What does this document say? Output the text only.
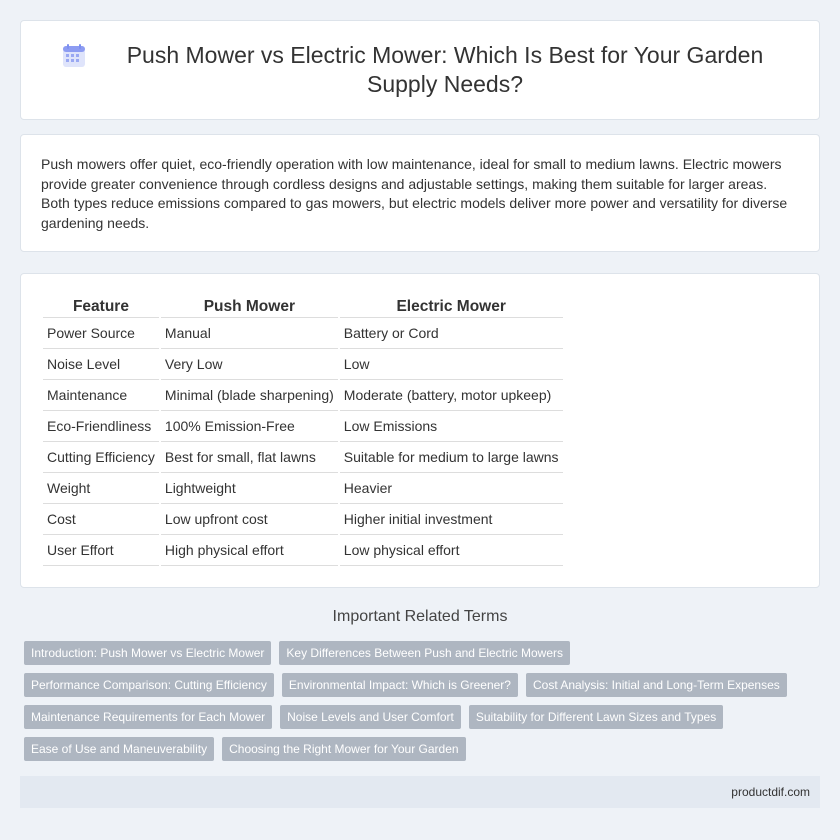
Push Mower vs Electric Mower: Which Is Best for Your Garden Supply Needs?

Push mowers offer quiet, eco-friendly operation with low maintenance, ideal for small to medium lawns. Electric mowers provide greater convenience through cordless designs and adjustable settings, making them suitable for larger areas. Both types reduce emissions compared to gas mowers, but electric models deliver more power and versatility for diverse gardening needs.

Feature	Push Mower	Electric Mower
Power Source	Manual	Battery or Cord
Noise Level	Very Low	Low
Maintenance	Minimal (blade sharpening)	Moderate (battery, motor upkeep)
Eco-Friendliness	100% Emission-Free	Low Emissions
Cutting Efficiency	Best for small, flat lawns	Suitable for medium to large lawns
Weight	Lightweight	Heavier
Cost	Low upfront cost	Higher initial investment
User Effort	High physical effort	Low physical effort
Important Related Terms
Introduction: Push Mower vs Electric Mower	Key Differences Between Push and Electric Mowers
Performance Comparison: Cutting Efficiency	Environmental Impact: Which is Greener?	Cost Analysis: Initial and Long-Term Expenses
Maintenance Requirements for Each Mower	Noise Levels and User Comfort	Suitability for Different Lawn Sizes and Types
Ease of Use and Maneuverability	Choosing the Right Mower for Your Garden
productdif.com
